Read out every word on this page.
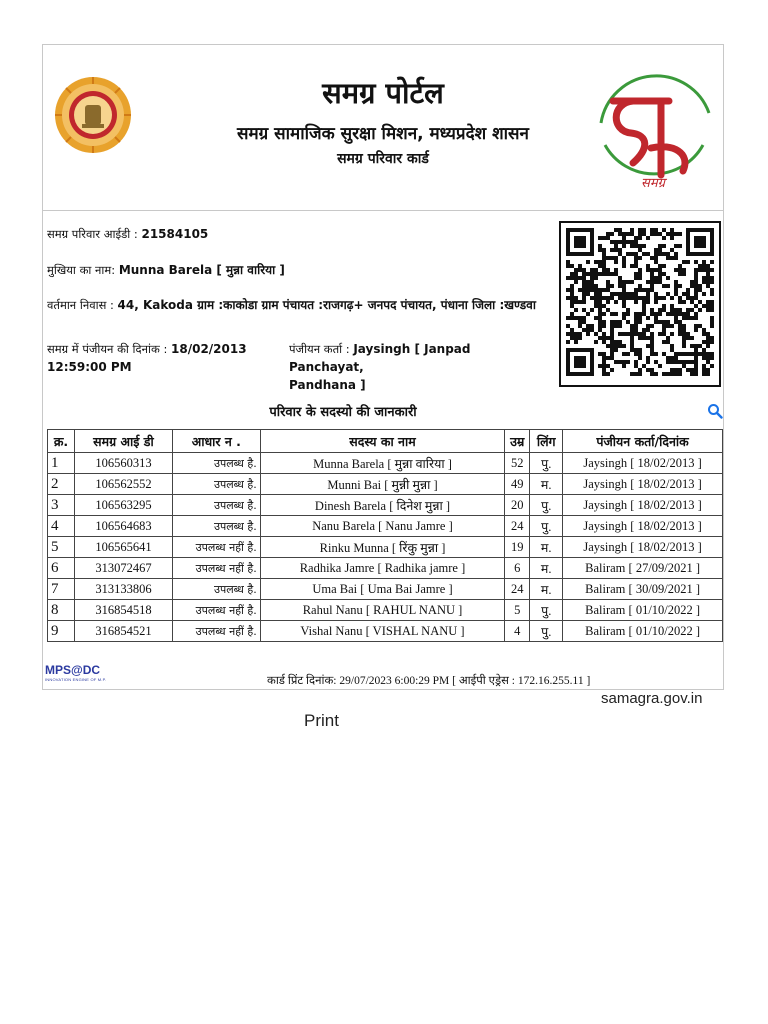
समग्र पोर्टल
समग्र सामाजिक सुरक्षा मिशन, मध्यप्रदेश शासन
समग्र परिवार कार्ड
समग्र
समग्र परिवार आईडी : 21584105
मुखिया का नाम: Munna Barela [ मुन्ना वारिया ]
वर्तमान निवास : 44, Kakoda ग्राम :काकोडा ग्राम पंचायत :राजगढ़+ जनपद पंचायत, पंधाना जिला :खण्डवा
समग्र में पंजीयन की दिनांक : 18/02/2013
12:59:00 PM
पंजीयन कर्ता : Jaysingh [ Janpad Panchayat,
Pandhana ]
परिवार के सदस्यो की जानकारी
क्र.	समग्र आई डी	आधार न .	सदस्य का नाम	उम्र	लिंग	पंजीयन कर्ता/दिनांक
1	106560313	उपलब्ध है.	Munna Barela [ मुन्ना वारिया ]	52	पु.	Jaysingh [ 18/02/2013 ]
2	106562552	उपलब्ध है.	Munni Bai [ मुन्नी मुन्ना ]	49	म.	Jaysingh [ 18/02/2013 ]
3	106563295	उपलब्ध है.	Dinesh Barela [ दिनेश मुन्ना ]	20	पु.	Jaysingh [ 18/02/2013 ]
4	106564683	उपलब्ध है.	Nanu Barela [ Nanu Jamre ]	24	पु.	Jaysingh [ 18/02/2013 ]
5	106565641	उपलब्ध नहीं है.	Rinku Munna [ रिंकु मुन्ना ]	19	म.	Jaysingh [ 18/02/2013 ]
6	313072467	उपलब्ध नहीं है.	Radhika Jamre [ Radhika jamre ]	6	म.	Baliram [ 27/09/2021 ]
7	313133806	उपलब्ध है.	Uma Bai [ Uma Bai Jamre ]	24	म.	Baliram [ 30/09/2021 ]
8	316854518	उपलब्ध नहीं है.	Rahul Nanu [ RAHUL NANU ]	5	पु.	Baliram [ 01/10/2022 ]
9	316854521	उपलब्ध नहीं है.	Vishal Nanu [ VISHAL NANU ]	4	पु.	Baliram [ 01/10/2022 ]
MPS@DC
INNOVATION ENGINE OF M.P.	कार्ड प्रिंट दिनांक: 29/07/2023 6:00:29 PM [ आईपी एड्रेस : 172.16.255.11 ]
samagra.gov.in
Print
